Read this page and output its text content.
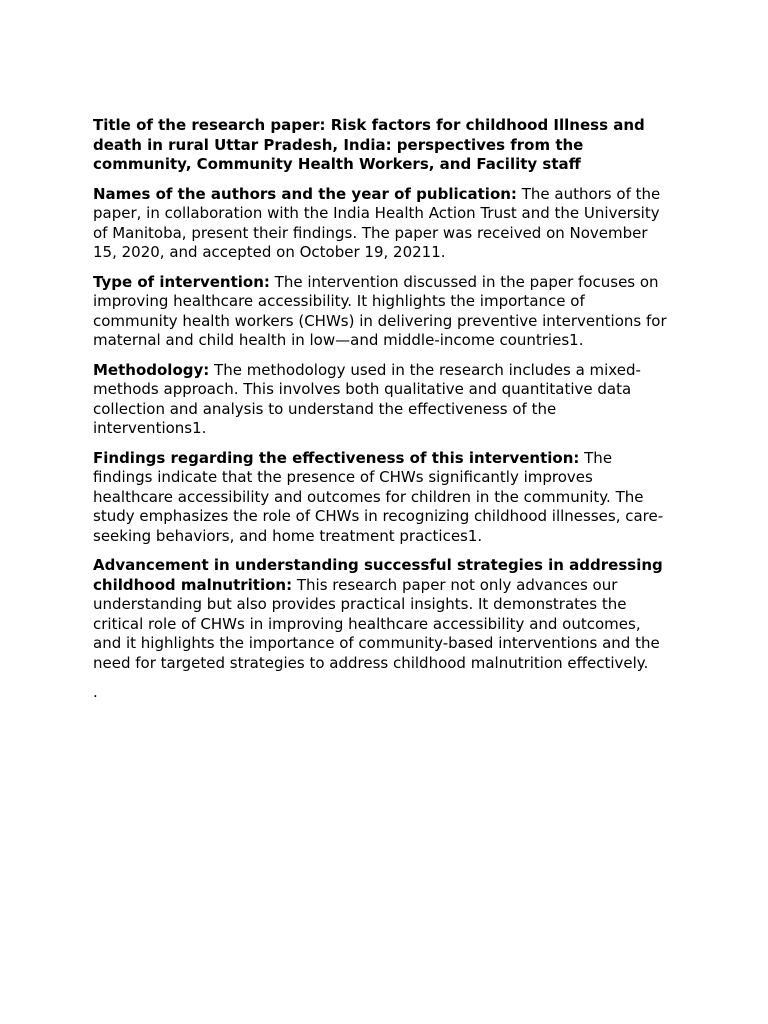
Title of the research paper: Risk factors for childhood Illness and death in rural Uttar Pradesh, India: perspectives from the community, Community Health Workers, and Facility staff

Names of the authors and the year of publication: The authors of the paper, in collaboration with the India Health Action Trust and the University of Manitoba, present their findings. The paper was received on November 15, 2020, and accepted on October 19, 20211.

Type of intervention: The intervention discussed in the paper focuses on improving healthcare accessibility. It highlights the importance of community health workers (CHWs) in delivering preventive interventions for maternal and child health in low—and middle-income countries1.

Methodology: The methodology used in the research includes a mixed-methods approach. This involves both qualitative and quantitative data collection and analysis to understand the effectiveness of the interventions1.

Findings regarding the effectiveness of this intervention: The findings indicate that the presence of CHWs significantly improves healthcare accessibility and outcomes for children in the community. The study emphasizes the role of CHWs in recognizing childhood illnesses, care-seeking behaviors, and home treatment practices1.

Advancement in understanding successful strategies in addressing childhood malnutrition: This research paper not only advances our understanding but also provides practical insights. It demonstrates the critical role of CHWs in improving healthcare accessibility and outcomes, and it highlights the importance of community-based interventions and the need for targeted strategies to address childhood malnutrition effectively.

.
